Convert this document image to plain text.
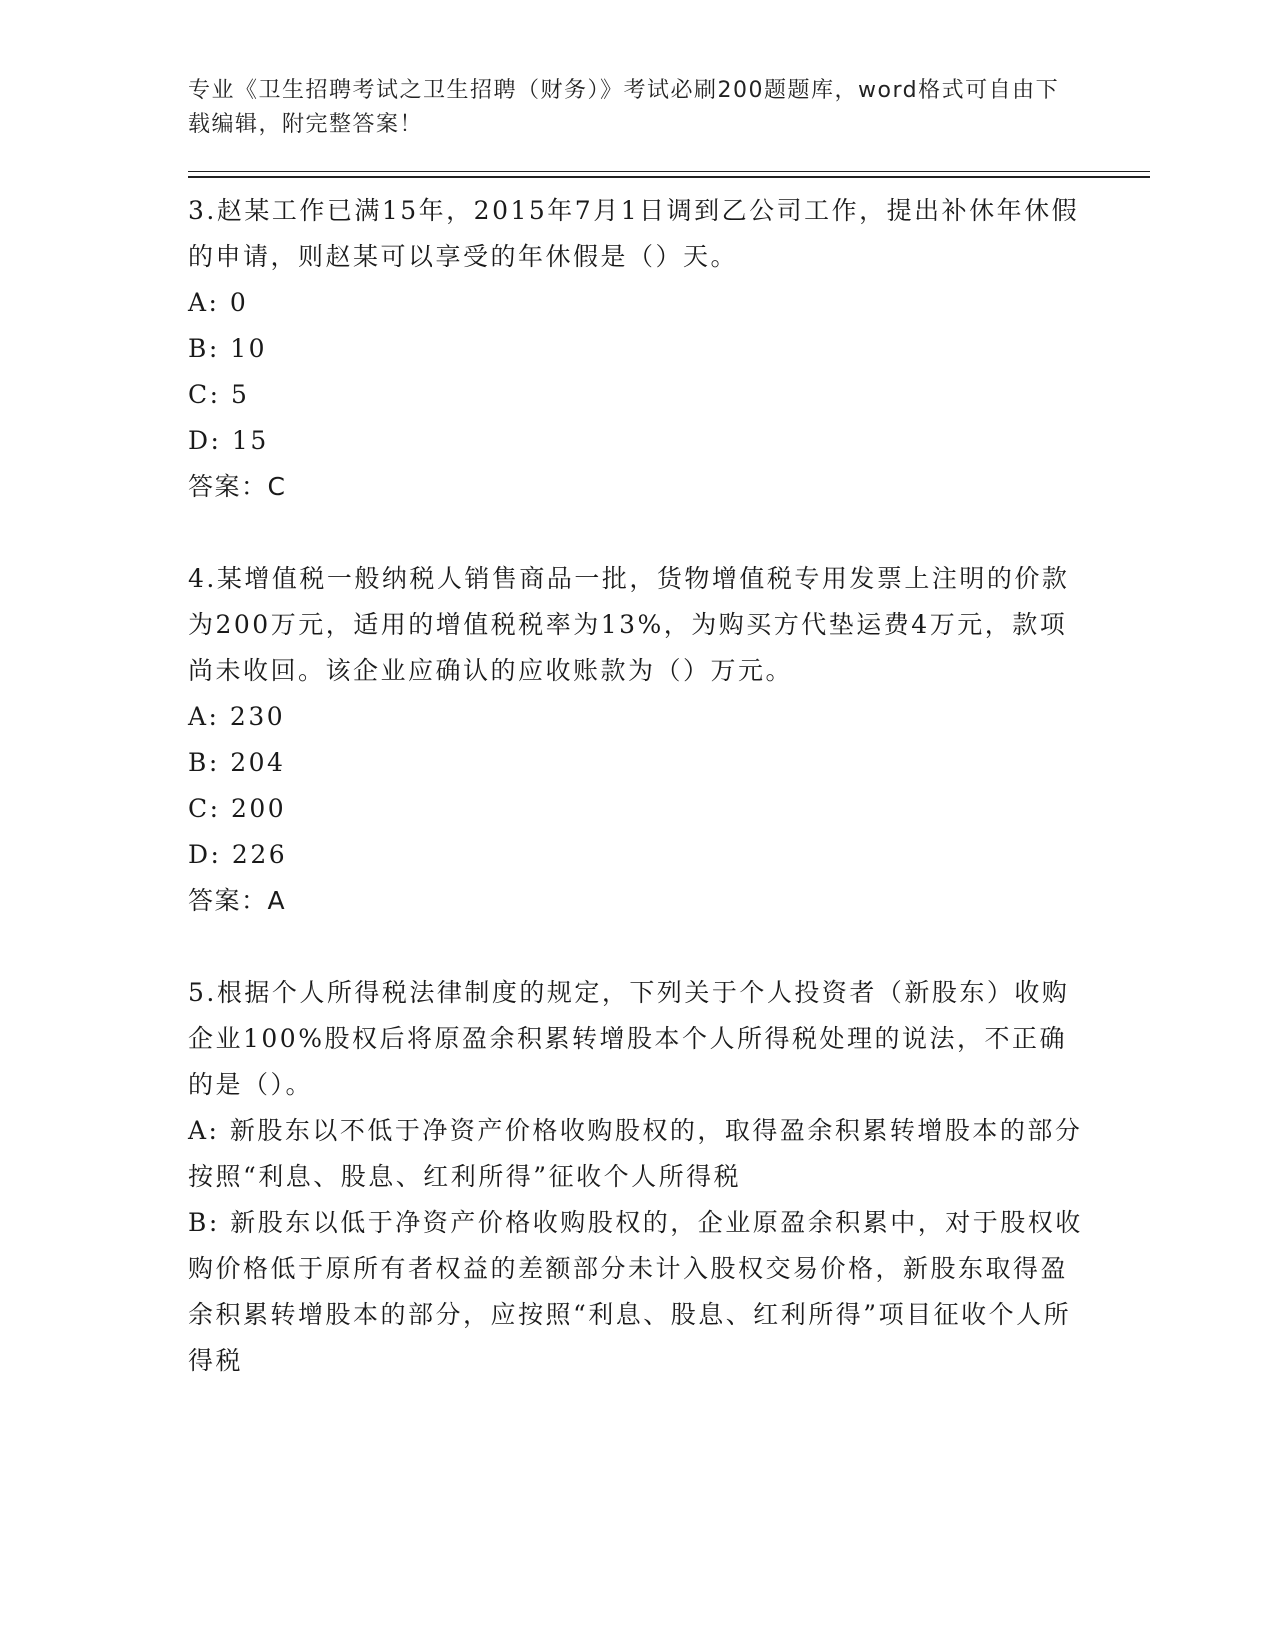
专业《卫生招聘考试之卫生招聘（财务）》考试必刷200题题库，word格式可自由下载编辑，附完整答案！

3.赵某工作已满15年，2015年7月1日调到乙公司工作，提出补休年休假的申请，则赵某可以享受的年休假是（）天。

A: 0

B: 10

C: 5

D: 15

答案：C

4.某增值税一般纳税人销售商品一批，货物增值税专用发票上注明的价款为200万元，适用的增值税税率为13%，为购买方代垫运费4万元，款项尚未收回。该企业应确认的应收账款为（）万元。

A: 230

B: 204

C: 200

D: 226

答案：A

5.根据个人所得税法律制度的规定，下列关于个人投资者（新股东）收购企业100%股权后将原盈余积累转增股本个人所得税处理的说法，不正确的是（）。

A: 新股东以不低于净资产价格收购股权的，取得盈余积累转增股本的部分按照“利息、股息、红利所得”征收个人所得税

B: 新股东以低于净资产价格收购股权的，企业原盈余积累中，对于股权收购价格低于原所有者权益的差额部分未计入股权交易价格，新股东取得盈余积累转增股本的部分，应按照“利息、股息、红利所得”项目征收个人所得税
